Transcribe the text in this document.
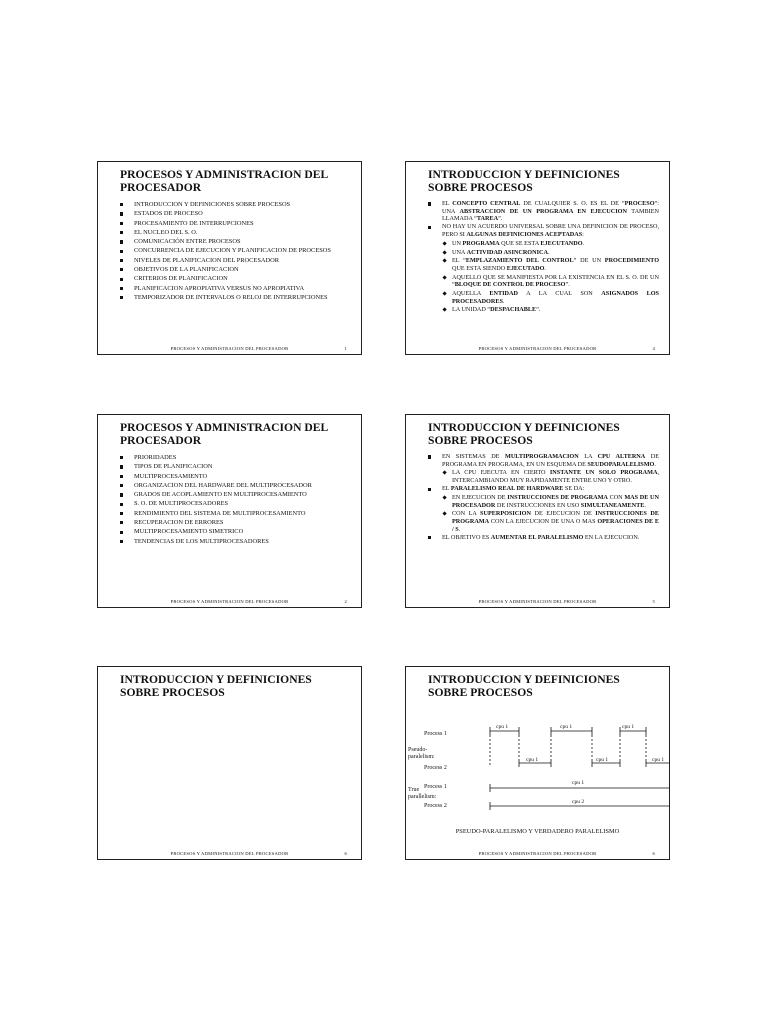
PROCESOS Y ADMINISTRACION DEL
PROCESADOR
INTRODUCCION Y DEFINICIONES SOBRE PROCESOS
ESTADOS DE PROCESO
PROCESAMIENTO DE INTERRUPCIONES
EL NUCLEO DEL S. O.
COMUNICACIÓN ENTRE PROCESOS
CONCURRENCIA DE EJECUCION Y PLANIFICACION DE PROCESOS
NIVELES DE PLANIFICACION DEL PROCESADOR
OBJETIVOS DE LA PLANIFICACION
CRITERIOS DE PLANIFICACION
PLANIFICACION APROPIATIVA VERSUS NO APROPIATIVA
TEMPORIZADOR DE INTERVALOS O RELOJ DE INTERRUPCIONES
PROCESOS Y ADMINISTRACION DEL PROCESADOR	1
INTRODUCCION Y DEFINICIONES
SOBRE PROCESOS
EL CONCEPTO CENTRAL DE CUALQUIER S. O. ES EL DE “PROCESO”: UNA ABSTRACCION DE UN PROGRAMA EN EJECUCION TAMBIEN LLAMADA “TAREA”.
NO HAY UN ACUERDO UNIVERSAL SOBRE UNA DEFINICION DE PROCESO, PERO SI ALGUNAS DEFINICIONES ACEPTADAS:
UN PROGRAMA QUE SE ESTA EJECUTANDO.
UNA ACTIVIDAD ASINCRONICA.
EL “EMPLAZAMIENTO DEL CONTROL” DE UN PROCEDIMIENTO QUE ESTA SIENDO EJECUTADO.
AQUELLO QUE SE MANIFIESTA POR LA EXISTENCIA EN EL S. O. DE UN “BLOQUE DE CONTROL DE PROCESO”.
AQUELLA ENTIDAD A LA CUAL SON ASIGNADOS LOS PROCESADORES.
LA UNIDAD “DESPACHABLE”.
PROCESOS Y ADMINISTRACION DEL PROCESADOR	4
PROCESOS Y ADMINISTRACION DEL
PROCESADOR
PRIORIDADES
TIPOS DE PLANIFICACION
MULTIPROCESAMIENTO
ORGANIZACION DEL HARDWARE DEL MULTIPROCESADOR
GRADOS DE ACOPLAMIENTO EN MULTIPROCESAMIENTO
S. O. DE MULTIPROCESADORES
RENDIMIENTO DEL SISTEMA DE MULTIPROCESAMIENTO
RECUPERACION DE ERRORES
MULTIPROCESAMIENTO SIMETRICO
TENDENCIAS DE LOS MULTIPROCESADORES
PROCESOS Y ADMINISTRACION DEL PROCESADOR	2
INTRODUCCION Y DEFINICIONES
SOBRE PROCESOS
EN SISTEMAS DE MULTIPROGRAMACION LA CPU ALTERNA DE PROGRAMA EN PROGRAMA, EN UN ESQUEMA DE SEUDOPARALELISMO.
LA CPU EJECUTA EN CIERTO INSTANTE UN SOLO PROGRAMA, INTERCAMBIANDO MUY RAPIDAMENTE ENTRE UNO Y OTRO.
EL PARALELISMO REAL DE HARDWARE SE DA:
EN EJECUCION DE INSTRUCCIONES DE PROGRAMA CON MAS DE UN PROCESADOR DE INSTRUCCIONES EN USO SIMULTANEAMENTE.
CON LA SUPERPOSICION DE EJECUCION DE INSTRUCCIONES DE PROGRAMA CON LA EJECUCION DE UNA O MAS OPERACIONES DE E / S.
EL OBJETIVO ES AUMENTAR EL PARALELISMO EN LA EJECUCION.
PROCESOS Y ADMINISTRACION DEL PROCESADOR	5
INTRODUCCION Y DEFINICIONES
SOBRE PROCESOS
PROCESOS Y ADMINISTRACION DEL PROCESADOR	6
INTRODUCCION Y DEFINICIONES
SOBRE PROCESOS
Pseudo-
paralelism:
Process 1
Process 2
cpu 1	cpu 1	cpu 1
cpu 1	cpu 1	cpu 1
True
parallelism:
Process 1
Process 2
cpu 1
cpu 2
PSEUDO-PARALELISMO Y VERDADERO PARALELISMO
PROCESOS Y ADMINISTRACION DEL PROCESADOR	6
